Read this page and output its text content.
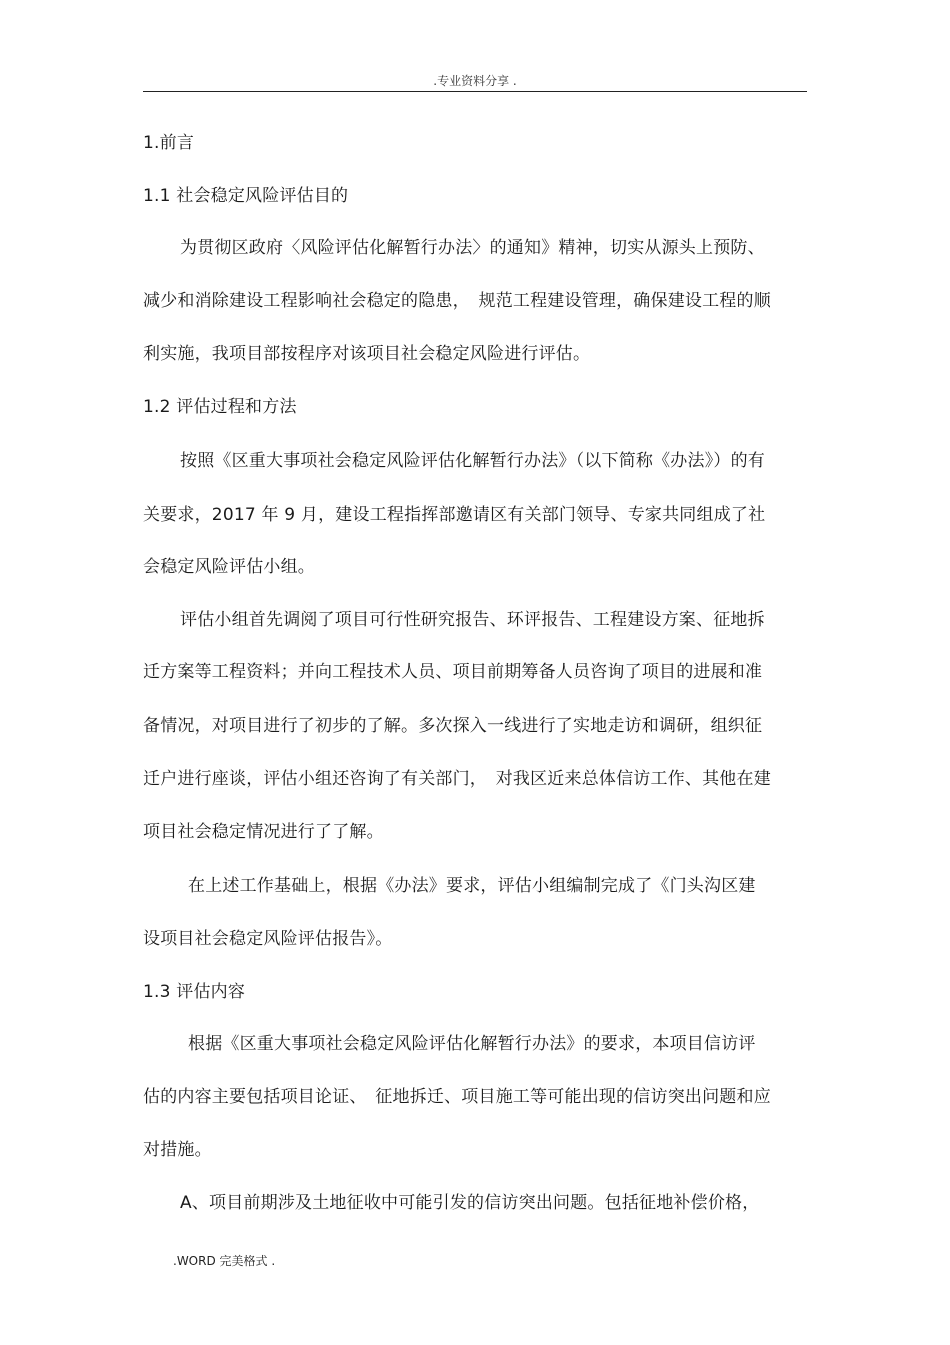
.专业资料分享 .
1.前言
1.1 社会稳定风险评估目的
为贯彻区政府〈风险评估化解暂行办法〉的通知》精神，切实从源头上预防、
减少和消除建设工程影响社会稳定的隐患，　规范工程建设管理，确保建设工程的顺
利实施，我项目部按程序对该项目社会稳定风险进行评估。
1.2 评估过程和方法
按照《区重大事项社会稳定风险评估化解暂行办法》（以下简称《办法》）的有
关要求，2017 年 9 月，建设工程指挥部邀请区有关部门领导、专家共同组成了社
会稳定风险评估小组。
评估小组首先调阅了项目可行性研究报告、环评报告、工程建设方案、征地拆
迁方案等工程资料；并向工程技术人员、项目前期筹备人员咨询了项目的进展和准
备情况，对项目进行了初步的了解。多次探入一线进行了实地走访和调研，组织征
迁户进行座谈，评估小组还咨询了有关部门，　对我区近来总体信访工作、其他在建
项目社会稳定情况进行了了解。
在上述工作基础上，根据《办法》要求，评估小组编制完成了《门头沟区建
设项目社会稳定风险评估报告》。
1.3 评估内容
根据《区重大事项社会稳定风险评估化解暂行办法》的要求，本项目信访评
估的内容主要包括项目论证、　征地拆迁、项目施工等可能出现的信访突出问题和应
对措施。
A、项目前期涉及土地征收中可能引发的信访突出问题。包括征地补偿价格，
.WORD 完美格式 .
